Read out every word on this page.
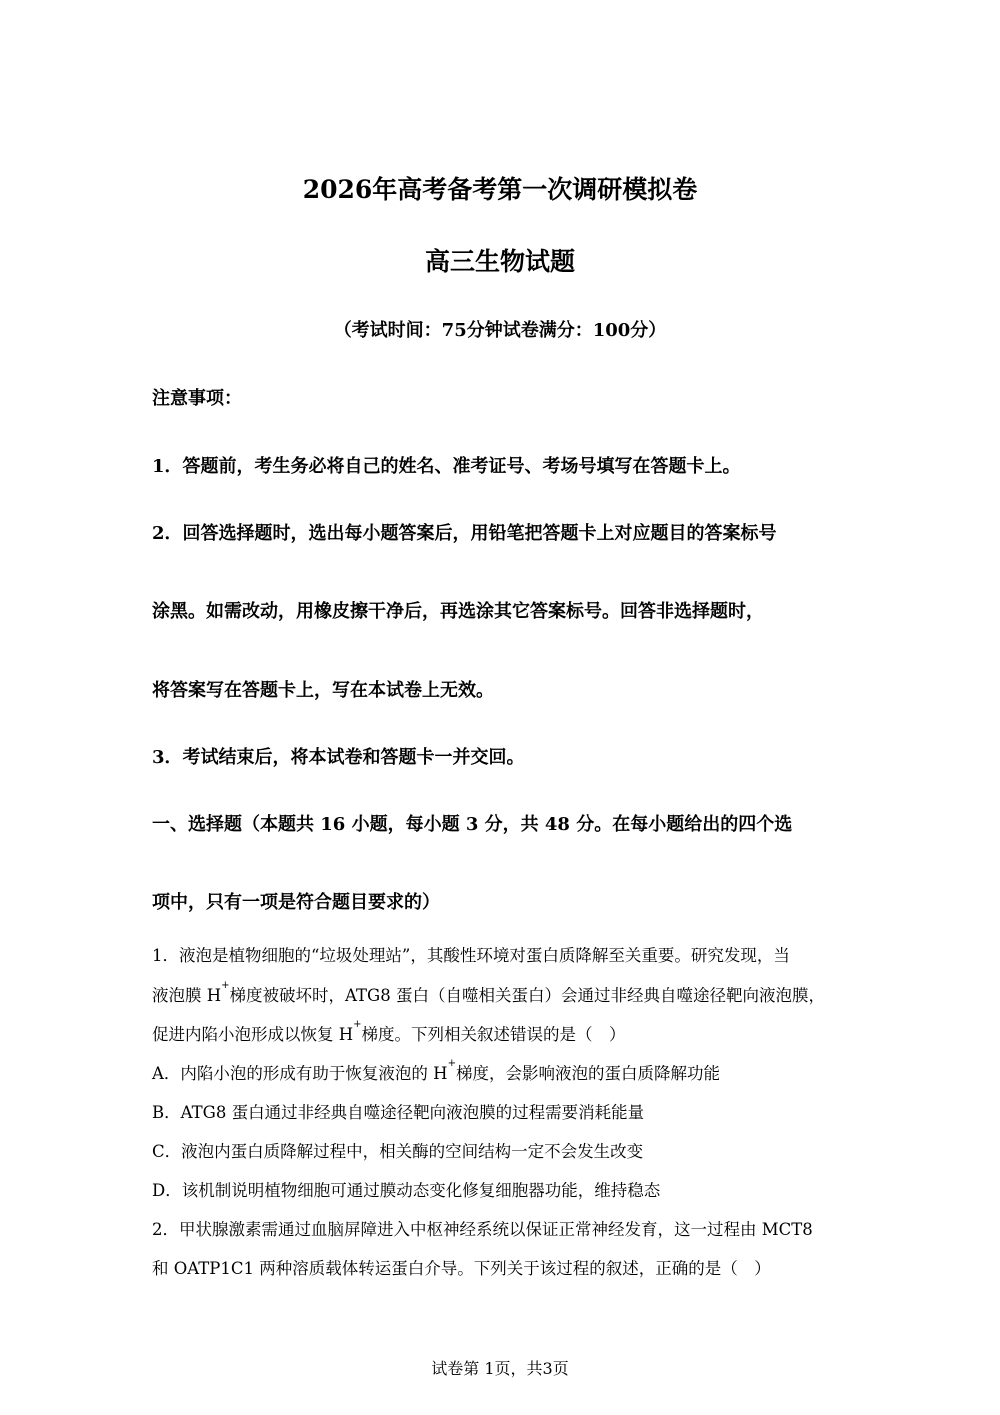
2026年高考备考第一次调研模拟卷
高三生物试题
（考试时间：75分钟试卷满分：100分）
注意事项：
1．答题前，考生务必将自己的姓名、准考证号、考场号填写在答题卡上。
2．回答选择题时，选出每小题答案后，用铅笔把答题卡上对应题目的答案标号
涂黑。如需改动，用橡皮擦干净后，再选涂其它答案标号。回答非选择题时，
将答案写在答题卡上，写在本试卷上无效。
3．考试结束后，将本试卷和答题卡一并交回。
一、选择题（本题共 16 小题，每小题 3 分，共 48 分。在每小题给出的四个选
项中，只有一项是符合题目要求的）
1．液泡是植物细胞的“垃圾处理站”，其酸性环境对蛋白质降解至关重要。研究发现，当
液泡膜 H+梯度被破坏时，ATG8 蛋白（自噬相关蛋白）会通过非经典自噬途径靶向液泡膜，
促进内陷小泡形成以恢复 H+梯度。下列相关叙述错误的是（　）
A．内陷小泡的形成有助于恢复液泡的 H+梯度，会影响液泡的蛋白质降解功能
B．ATG8 蛋白通过非经典自噬途径靶向液泡膜的过程需要消耗能量
C．液泡内蛋白质降解过程中，相关酶的空间结构一定不会发生改变
D．该机制说明植物细胞可通过膜动态变化修复细胞器功能，维持稳态
2．甲状腺激素需通过血脑屏障进入中枢神经系统以保证正常神经发育，这一过程由 MCT8
和 OATP1C1 两种溶质载体转运蛋白介导。下列关于该过程的叙述，正确的是（　）
试卷第 1页，共3页
